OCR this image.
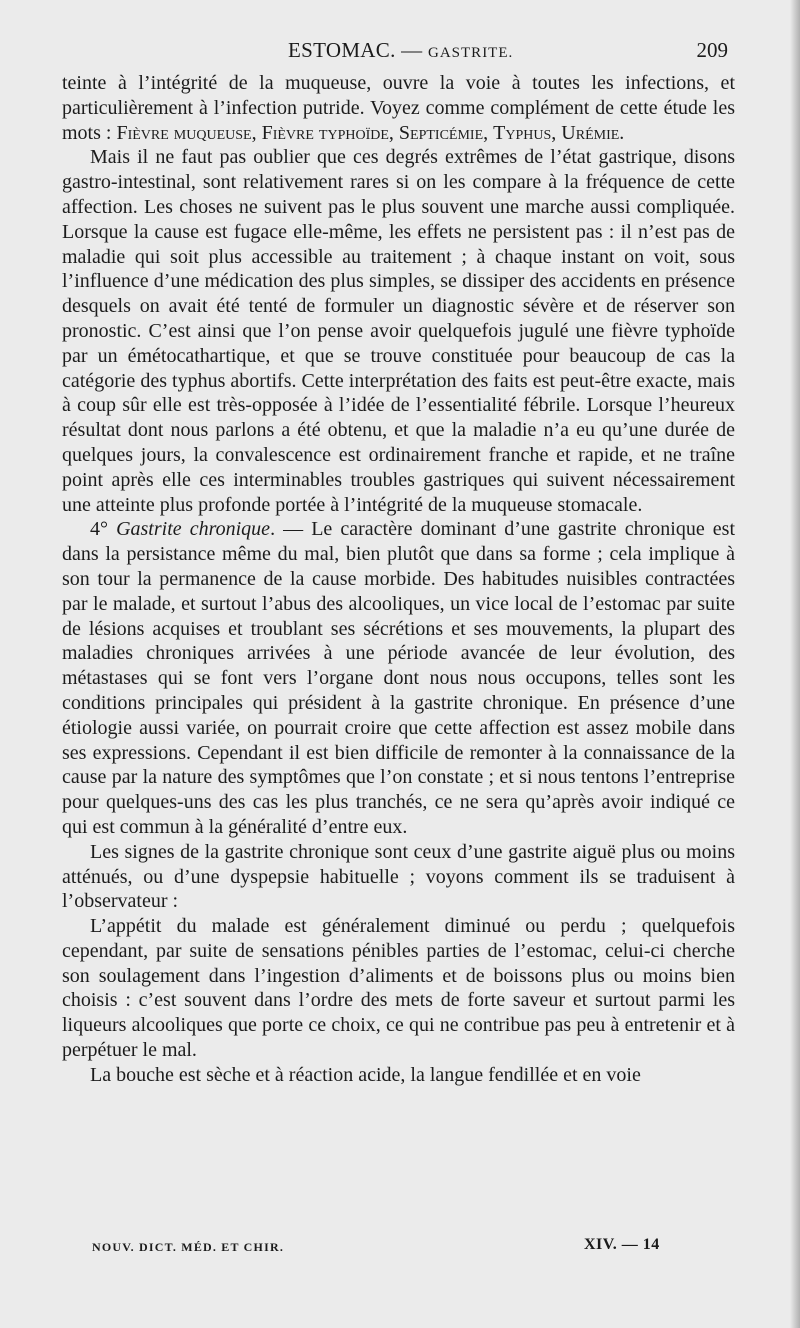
ESTOMAC. — GASTRITE.	209

teinte à l’intégrité de la muqueuse, ouvre la voie à toutes les infections, et particulièrement à l’infection putride. Voyez comme complément de cette étude les mots : Fièvre muqueuse, Fièvre typhoïde, Septicémie, Typhus, Urémie.

Mais il ne faut pas oublier que ces degrés extrêmes de l’état gastrique, disons gastro-intestinal, sont relativement rares si on les compare à la fréquence de cette affection. Les choses ne suivent pas le plus souvent une marche aussi compliquée. Lorsque la cause est fugace elle-même, les effets ne persistent pas : il n’est pas de maladie qui soit plus accessible au traitement ; à chaque instant on voit, sous l’influence d’une médication des plus simples, se dissiper des accidents en présence desquels on avait été tenté de formuler un diagnostic sévère et de réserver son pronostic. C’est ainsi que l’on pense avoir quelquefois jugulé une fièvre typhoïde par un émétocathartique, et que se trouve constituée pour beaucoup de cas la catégorie des typhus abortifs. Cette interprétation des faits est peut-être exacte, mais à coup sûr elle est très-opposée à l’idée de l’essentialité fébrile. Lorsque l’heureux résultat dont nous parlons a été obtenu, et que la maladie n’a eu qu’une durée de quelques jours, la convalescence est ordinairement franche et rapide, et ne traîne point après elle ces interminables troubles gastriques qui suivent nécessairement une atteinte plus profonde portée à l’intégrité de la muqueuse stomacale.

4° Gastrite chronique. — Le caractère dominant d’une gastrite chronique est dans la persistance même du mal, bien plutôt que dans sa forme ; cela implique à son tour la permanence de la cause morbide. Des habitudes nuisibles contractées par le malade, et surtout l’abus des alcooliques, un vice local de l’estomac par suite de lésions acquises et troublant ses sécrétions et ses mouvements, la plupart des maladies chroniques arrivées à une période avancée de leur évolution, des métastases qui se font vers l’organe dont nous nous occupons, telles sont les conditions principales qui président à la gastrite chronique. En présence d’une étiologie aussi variée, on pourrait croire que cette affection est assez mobile dans ses expressions. Cependant il est bien difficile de remonter à la connaissance de la cause par la nature des symptômes que l’on constate ; et si nous tentons l’entreprise pour quelques-uns des cas les plus tranchés, ce ne sera qu’après avoir indiqué ce qui est commun à la généralité d’entre eux.

Les signes de la gastrite chronique sont ceux d’une gastrite aiguë plus ou moins atténués, ou d’une dyspepsie habituelle ; voyons comment ils se traduisent à l’observateur :

L’appétit du malade est généralement diminué ou perdu ; quelquefois cependant, par suite de sensations pénibles parties de l’estomac, celui-ci cherche son soulagement dans l’ingestion d’aliments et de boissons plus ou moins bien choisis : c’est souvent dans l’ordre des mets de forte saveur et surtout parmi les liqueurs alcooliques que porte ce choix, ce qui ne contribue pas peu à entretenir et à perpétuer le mal.

La bouche est sèche et à réaction acide, la langue fendillée et en voie

NOUV. DICT. MÉD. ET CHIR.	XIV. — 14
